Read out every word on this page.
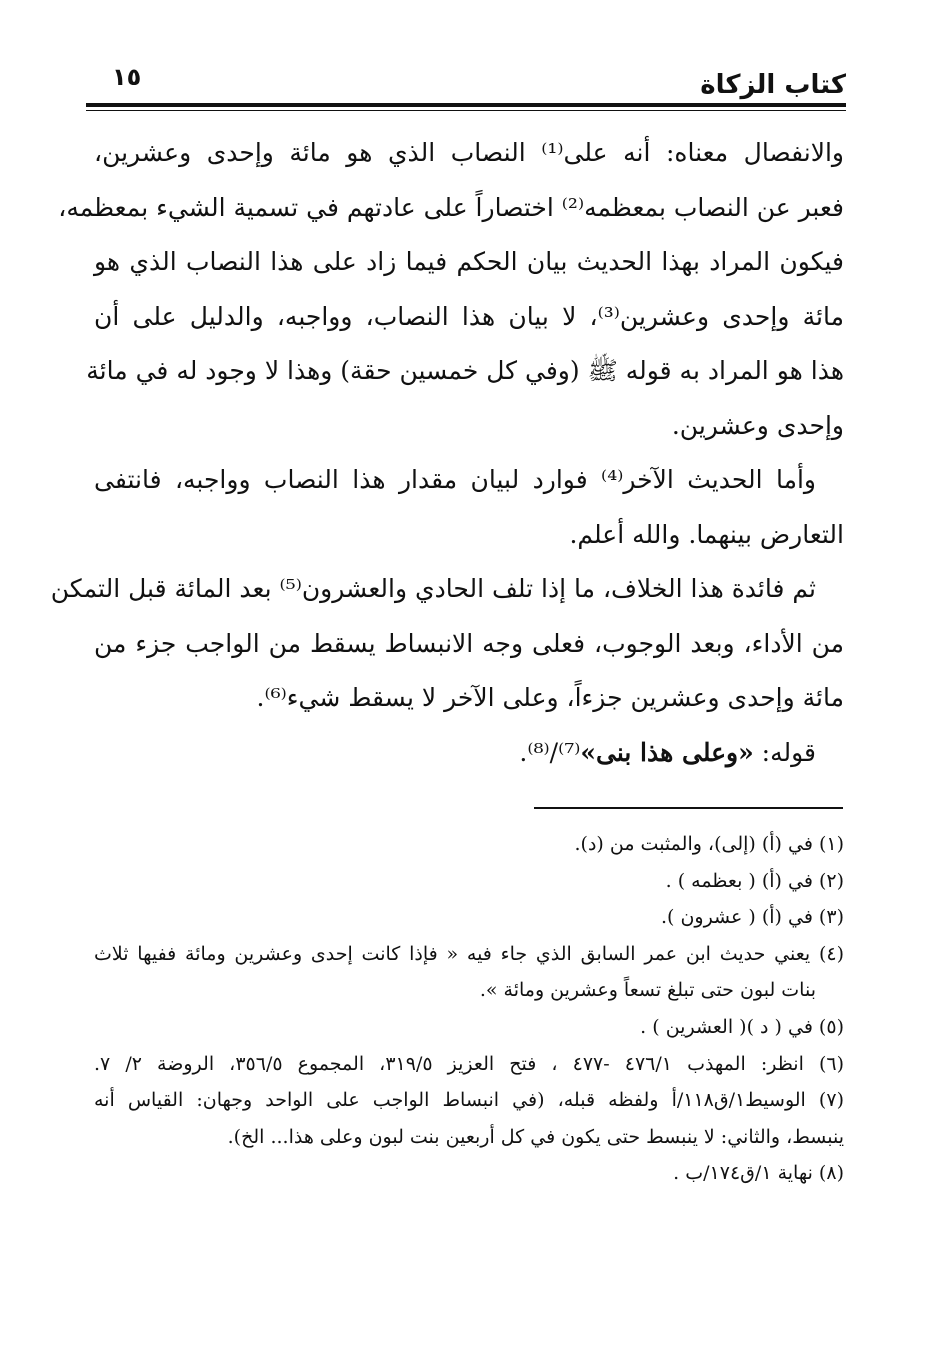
كتاب الزكاة
١٥
والانفصال معناه: أنه على⁽¹⁾ النصاب الذي هو مائة وإحدى وعشرين،
فعبر عن النصاب بمعظمه⁽²⁾ اختصاراً على عادتهم في تسمية الشيء بمعظمه،
فيكون المراد بهذا الحديث بيان الحكم فيما زاد على هذا النصاب الذي هو
مائة وإحدى وعشرين⁽³⁾، لا بيان هذا النصاب، وواجبه، والدليل على أن
هذا هو المراد به قوله ﷺ (وفي كل خمسين حقة) وهذا لا وجود له في مائة
وإحدى وعشرين.
وأما الحديث الآخر⁽⁴⁾ فوارد لبيان مقدار هذا النصاب وواجبه، فانتفى
التعارض بينهما. والله أعلم.
ثم فائدة هذا الخلاف، ما إذا تلف الحادي والعشرون⁽⁵⁾ بعد المائة قبل التمكن
من الأداء، وبعد الوجوب، فعلى وجه الانبساط يسقط من الواجب جزء من
مائة وإحدى وعشرين جزءاً، وعلى الآخر لا يسقط شيء⁽⁶⁾.
قوله: «وعلى هذا بنى»⁽⁷⁾/⁽⁸⁾.
(١) في (أ) (إلى)، والمثبت من (د).
(٢) في (أ) ( بعظمه ) .
(٣) في (أ) ( عشرون ).
(٤) يعني حديث ابن عمر السابق الذي جاء فيه « فإذا كانت إحدى وعشرين ومائة ففيها ثلاث
بنات لبون حتى تبلغ تسعاً وعشرين ومائة ».
(٥) في ( د )( العشرين ) .
(٦) انظر: المهذب ٤٧٦/١ -٤٧٧ ، فتح العزيز ٣١٩/٥، المجموع ٣٥٦/٥، الروضة ٢/ ٧.
(٧) الوسيط١/ق١١٨/أ ولفظه قبله، (في انبساط الواجب على الواحد وجهان: القياس أنه
ينبسط، والثاني: لا ينبسط حتى يكون في كل أربعين بنت لبون وعلى هذا... الخ).
(٨) نهاية ١/ق١٧٤/ب .
